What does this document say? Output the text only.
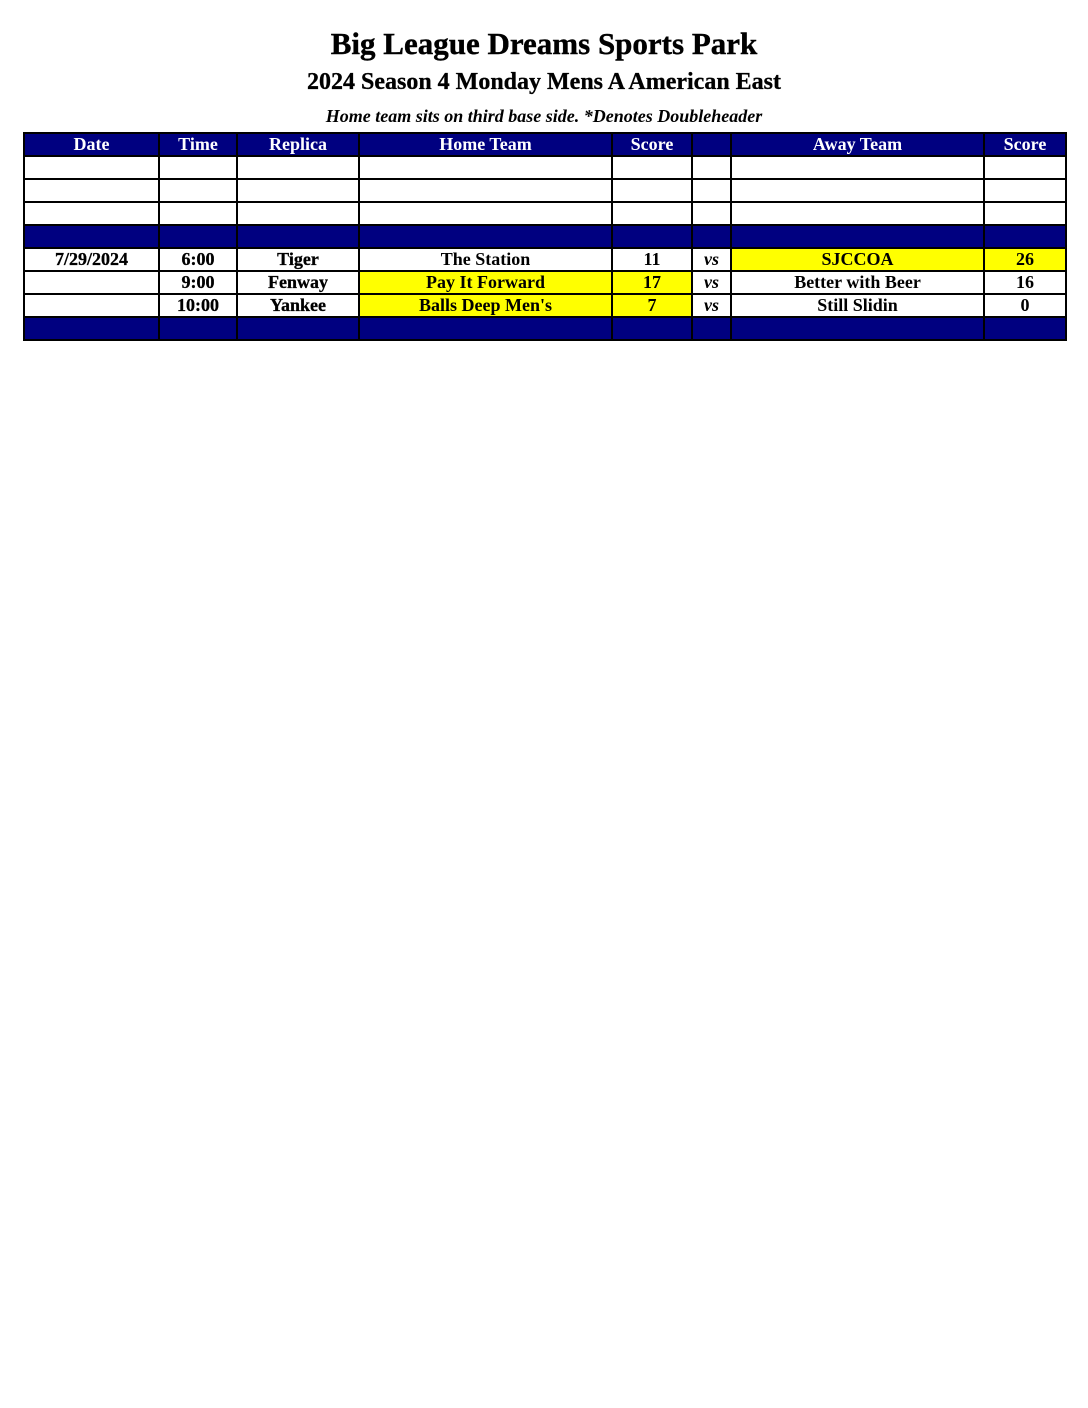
Big League Dreams Sports Park
2024 Season 4 Monday Mens A American East
Home team sits on third base side. *Denotes Doubleheader
Date	Time	Replica	Home Team	Score		Away Team	Score

7/29/2024	6:00	Tiger	The Station	11	vs	SJCCOA	26
	9:00	Fenway	Pay It Forward	17	vs	Better with Beer	16
	10:00	Yankee	Balls Deep Men's	7	vs	Still Slidin	0
